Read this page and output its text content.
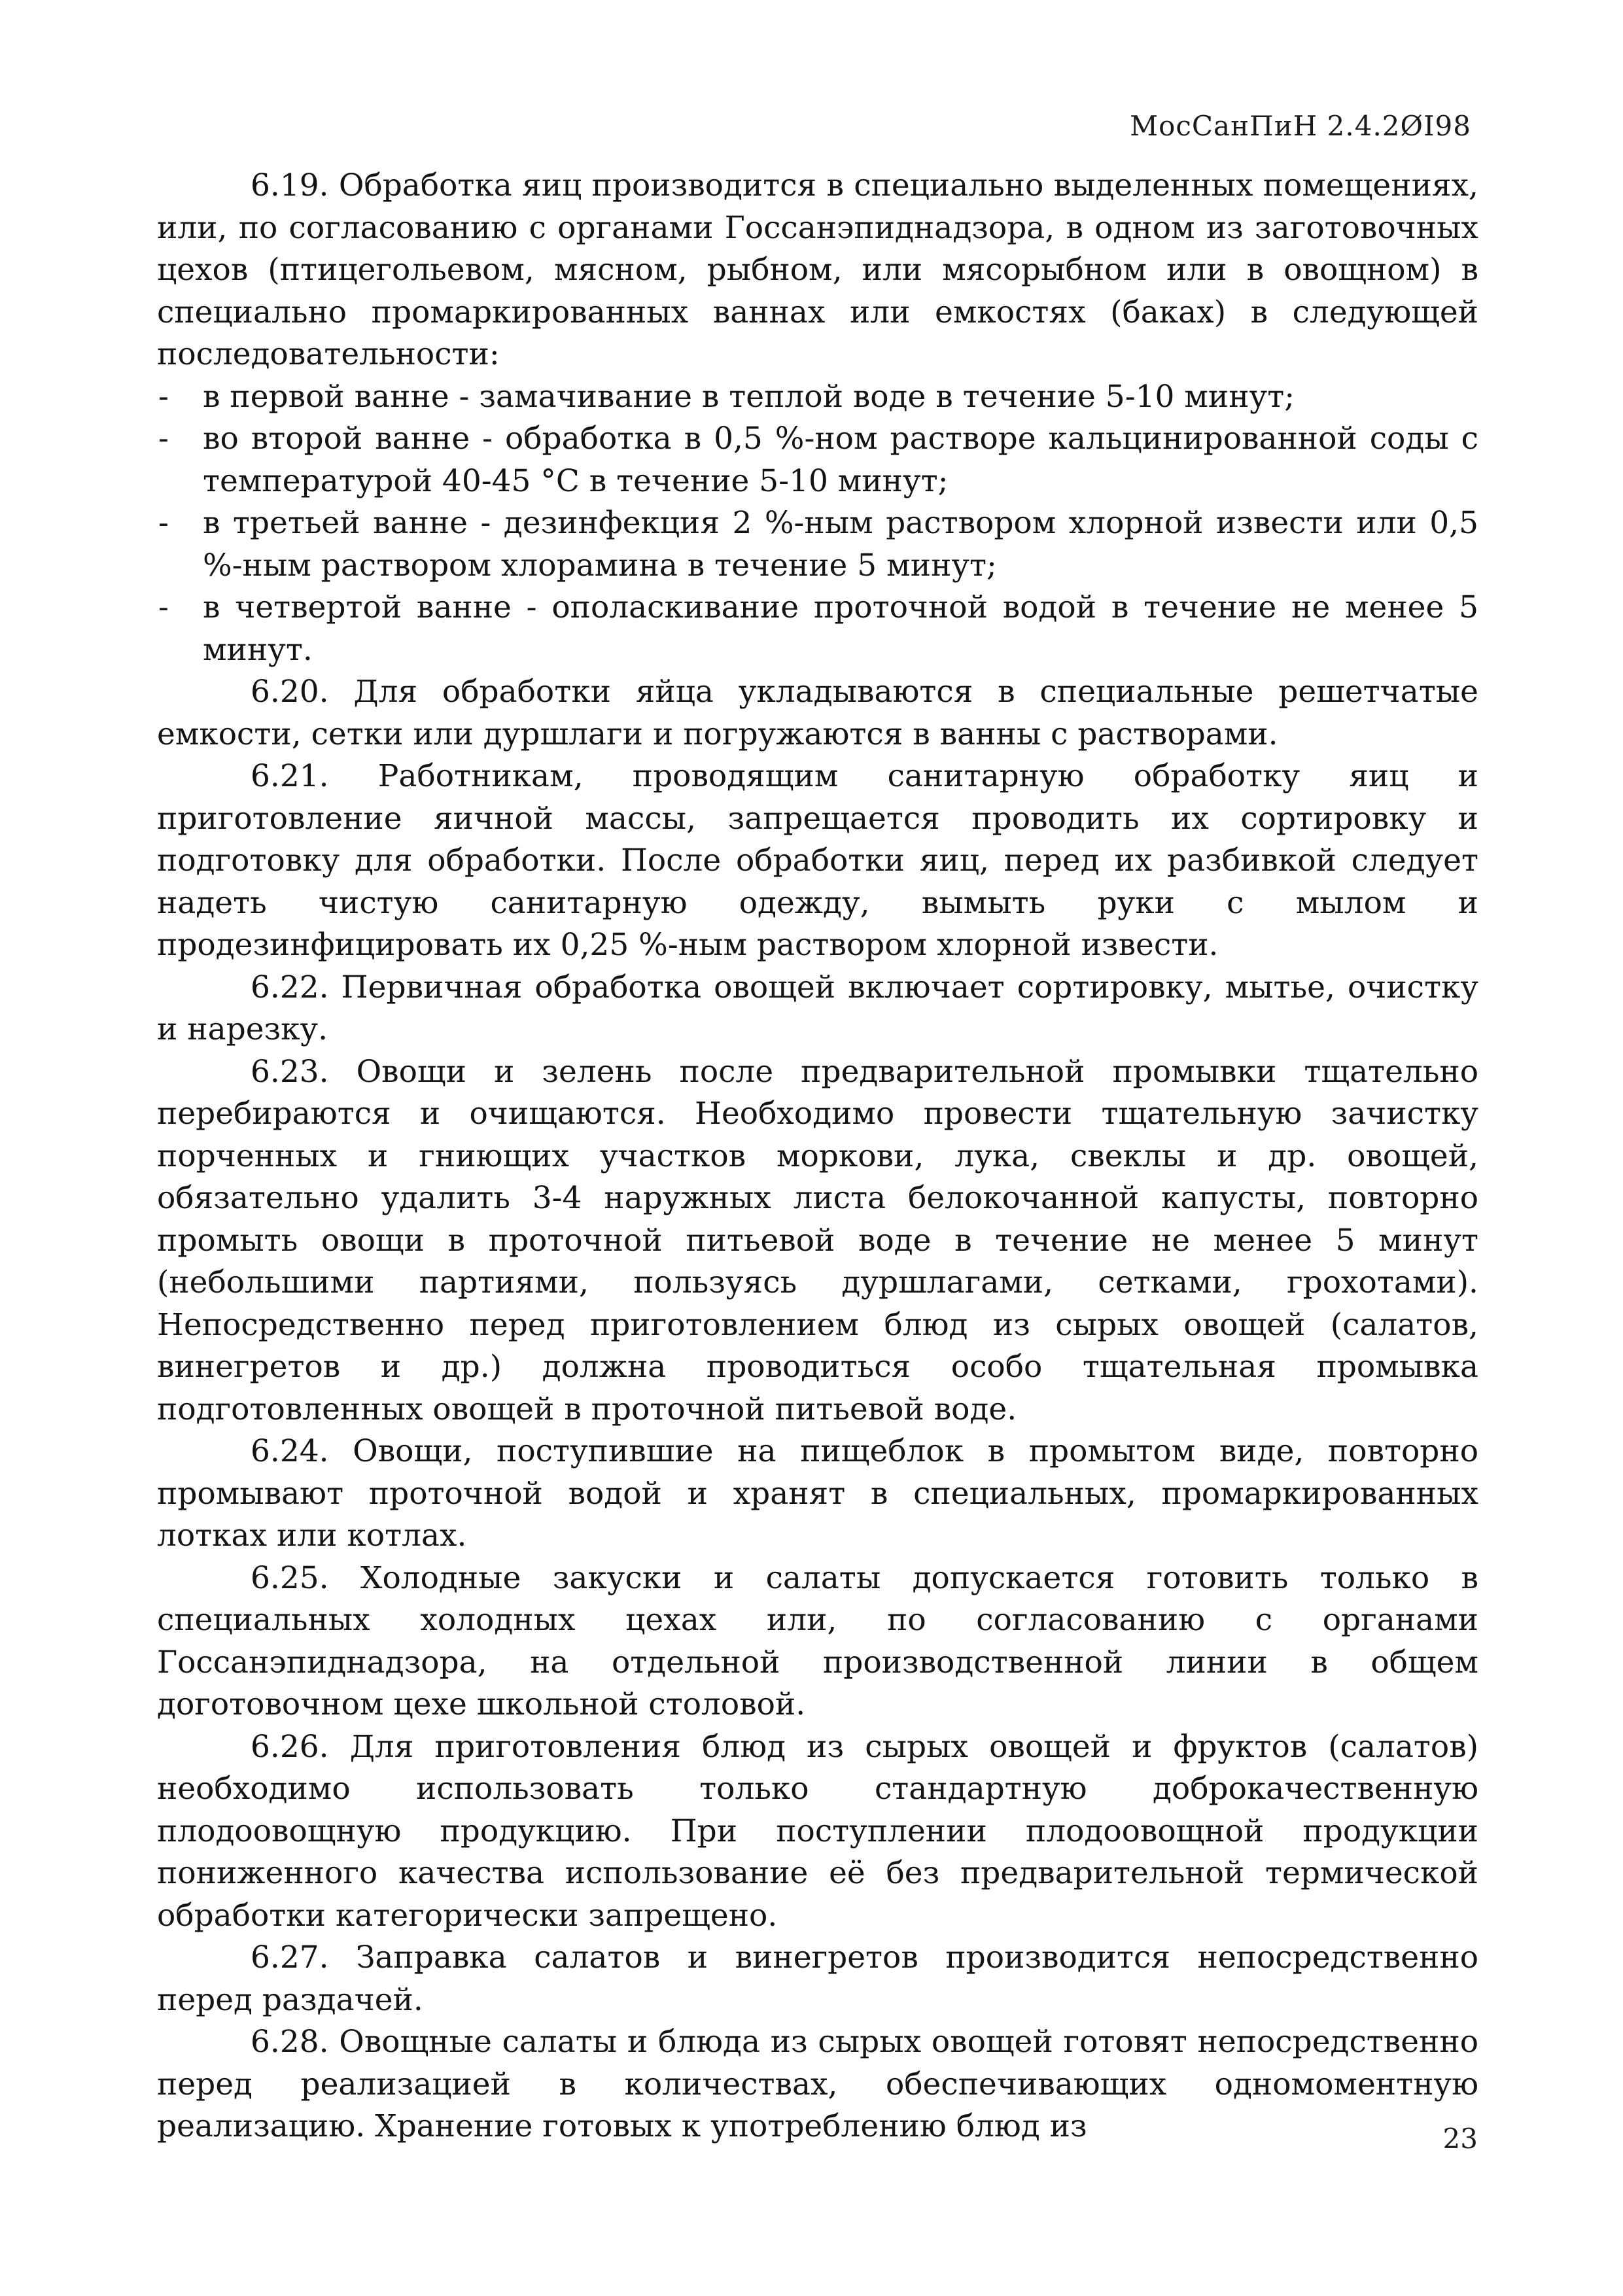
МосСанПиН 2.4.2ØI98

6.19. Обработка яиц производится в специально выделенных помещениях, или, по согласованию с органами Госсанэпиднадзора, в одном из заготовочных цехов (птицегольевом, мясном, рыбном, или мясорыбном или в овощном) в специально промаркированных ваннах или емкостях (баках) в следующей последовательности:

- в первой ванне - замачивание в теплой воде в течение 5-10 минут;
- во второй ванне - обработка в 0,5 %-ном растворе кальцинированной соды с температурой 40-45 °С в течение 5-10 минут;
- в третьей ванне - дезинфекция 2 %-ным раствором хлорной извести или 0,5 %-ным раствором хлорамина в течение 5 минут;
- в четвертой ванне - ополаскивание проточной водой в течение не менее 5 минут.

6.20. Для обработки яйца укладываются в специальные решетчатые емкости, сетки или дуршлаги и погружаются в ванны с растворами.

6.21. Работникам, проводящим санитарную обработку яиц и приготовление яичной массы, запрещается проводить их сортировку и подготовку для обработки. После обработки яиц, перед их разбивкой следует надеть чистую санитарную одежду, вымыть руки с мылом и продезинфицировать их 0,25 %-ным раствором хлорной извести.

6.22. Первичная обработка овощей включает сортировку, мытье, очистку и нарезку.

6.23. Овощи и зелень после предварительной промывки тщательно перебираются и очищаются. Необходимо провести тщательную зачистку порченных и гниющих участков моркови, лука, свеклы и др. овощей, обязательно удалить 3-4 наружных листа белокочанной капусты, повторно промыть овощи в проточной питьевой воде в течение не менее 5 минут (небольшими партиями, пользуясь дуршлагами, сетками, грохотами). Непосредственно перед приготовлением блюд из сырых овощей (салатов, винегретов и др.) должна проводиться особо тщательная промывка подготовленных овощей в проточной питьевой воде.

6.24. Овощи, поступившие на пищеблок в промытом виде, повторно промывают проточной водой и хранят в специальных, промаркированных лотках или котлах.

6.25. Холодные закуски и салаты допускается готовить только в специальных холодных цехах или, по согласованию с органами Госсанэпиднадзора, на отдельной производственной линии в общем доготовочном цехе школьной столовой.

6.26. Для приготовления блюд из сырых овощей и фруктов (салатов) необходимо использовать только стандартную доброкачественную плодоовощную продукцию. При поступлении плодоовощной продукции пониженного качества использование её без предварительной термической обработки категорически запрещено.

6.27. Заправка салатов и винегретов производится непосредственно перед раздачей.

6.28. Овощные салаты и блюда из сырых овощей готовят непосредственно перед реализацией в количествах, обеспечивающих одномоментную реализацию. Хранение готовых к употреблению блюд из	23
